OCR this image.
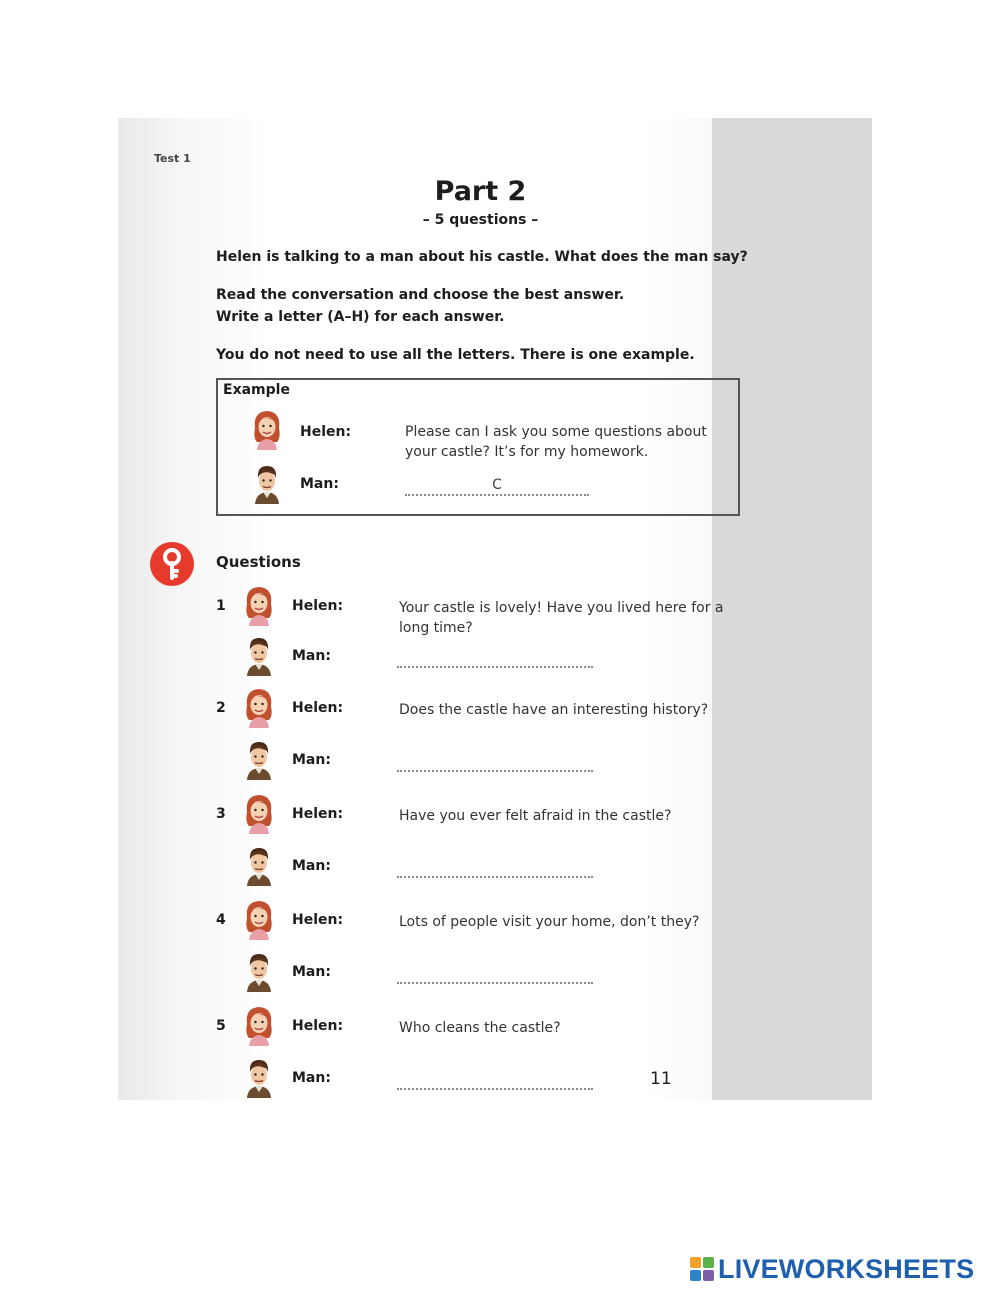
Test 1
Part 2
– 5 questions –
Helen is talking to a man about his castle. What does the man say?
Read the conversation and choose the best answer.
Write a letter (A–H) for each answer.
You do not need to use all the letters. There is one example.
Example
Helen:	Please can I ask you some questions about your castle? It’s for my homework.
Man:	C
Questions
1	Helen:	Your castle is lovely! Have you lived here for a long time?
Man:
2	Helen:	Does the castle have an interesting history?
Man:
3	Helen:	Have you ever felt afraid in the castle?
Man:
4	Helen:	Lots of people visit your home, don’t they?
Man:
5	Helen:	Who cleans the castle?
Man:	11
LIVEWORKSHEETS
